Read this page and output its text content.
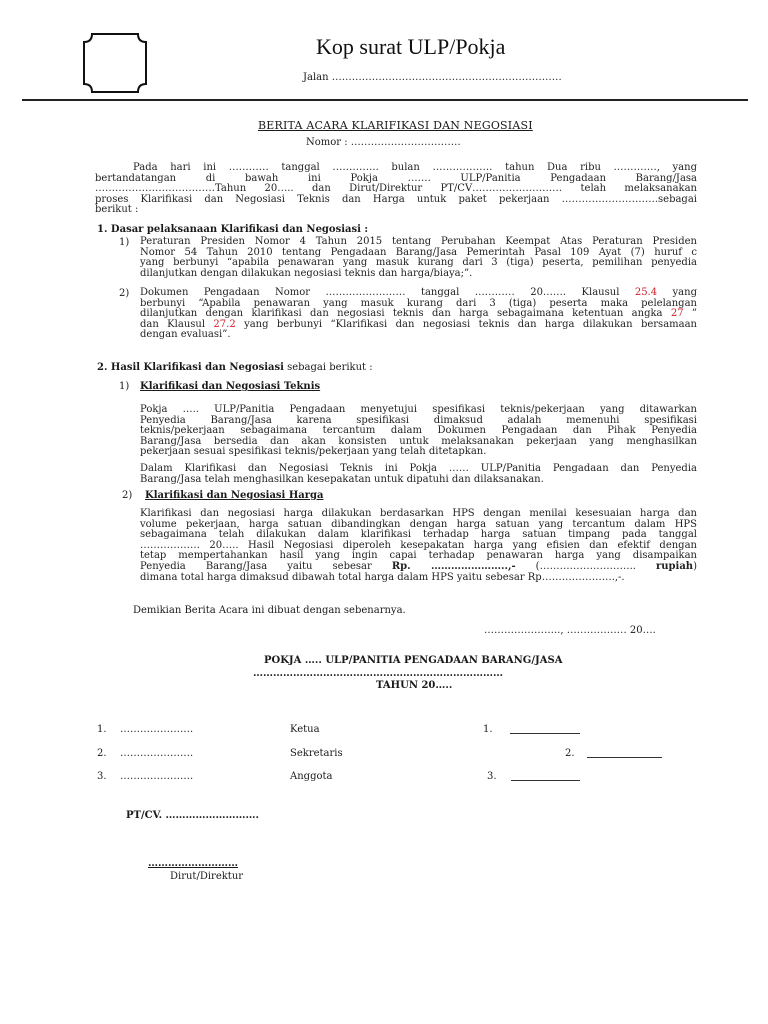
Kop surat ULP/Pokja
Jalan ……………………………………………………………
BERITA ACARA KLARIFIKASI DAN NEGOSIASI
Nomor : ……………………………
Pada hari ini ………… tanggal ………….. bulan ……………… tahun Dua ribu …………., yang
bertandatangan di bawah ini Pokja ……. ULP/Panitia Pengadaan Barang/Jasa
………………………………Tahun 20….. dan Dirut/Direktur PT/CV……………………… telah melaksanakan
proses Klarifikasi dan Negosiasi Teknis dan Harga untuk paket pekerjaan ………………………..sebagai
berikut :
1. Dasar pelaksanaan Klarifikasi dan Negosiasi :
1) Peraturan Presiden Nomor 4 Tahun 2015 tentang Perubahan Keempat Atas Peraturan Presiden
Nomor 54 Tahun 2010 tentang Pengadaan Barang/Jasa Pemerintah Pasal 109 Ayat (7) huruf c
yang berbunyi “apabila penawaran yang masuk kurang dari 3 (tiga) peserta, pemilihan penyedia
dilanjutkan dengan dilakukan negosiasi teknis dan harga/biaya;”.
2) Dokumen Pengadaan Nomor …………………… tanggal ………… 20……. Klausul 25.4 yang
berbunyi “Apabila penawaran yang masuk kurang dari 3 (tiga) peserta maka pelelangan
dilanjutkan dengan klarifikasi dan negosiasi teknis dan harga sebagaimana ketentuan angka 27 ”
dan Klausul 27.2 yang berbunyi “Klarifikasi dan negosiasi teknis dan harga dilakukan bersamaan
dengan evaluasi”.
2. Hasil Klarifikasi dan Negosiasi sebagai berikut :
1) Klarifikasi dan Negosiasi Teknis
Pokja ….. ULP/Panitia Pengadaan menyetujui spesifikasi teknis/pekerjaan yang ditawarkan
Penyedia Barang/Jasa karena spesifikasi dimaksud adalah memenuhi spesifikasi
teknis/pekerjaan sebagaimana tercantum dalam Dokumen Pengadaan dan Pihak Penyedia
Barang/Jasa bersedia dan akan konsisten untuk melaksanakan pekerjaan yang menghasilkan
pekerjaan sesuai spesifikasi teknis/pekerjaan yang telah ditetapkan.
Dalam Klarifikasi dan Negosiasi Teknis ini Pokja …… ULP/Panitia Pengadaan dan Penyedia
Barang/Jasa telah menghasilkan kesepakatan untuk dipatuhi dan dilaksanakan.
2) Klarifikasi dan Negosiasi Harga
Klarifikasi dan negosiasi harga dilakukan berdasarkan HPS dengan menilai kesesuaian harga dan
volume pekerjaan, harga satuan dibandingkan dengan harga satuan yang tercantum dalam HPS
sebagaimana telah dilakukan dalam klarifikasi terhadap harga satuan timpang pada tanggal
……………… 20….. Hasil Negosiasi diperoleh kesepakatan harga yang efisien dan efektif dengan
tetap mempertahankan hasil yang ingin capai terhadap penawaran harga yang disampaikan
Penyedia Barang/Jasa yaitu sebesar Rp. …………………..,- (……………………….. rupiah)
dimana total harga dimaksud dibawah total harga dalam HPS yaitu sebesar Rp………………….,-.
Demikian Berita Acara ini dibuat dengan sebenarnya.
………………….., ……………… 20….
POKJA ….. ULP/PANITIA PENGADAAN BARANG/JASA
…………………………………………………………………
TAHUN 20…..
1. ………………….	Ketua	1.
2. ………………….	Sekretaris	2.
3. ………………….	Anggota	3.
PT/CV. ……………………….
………………………
Dirut/Direktur
